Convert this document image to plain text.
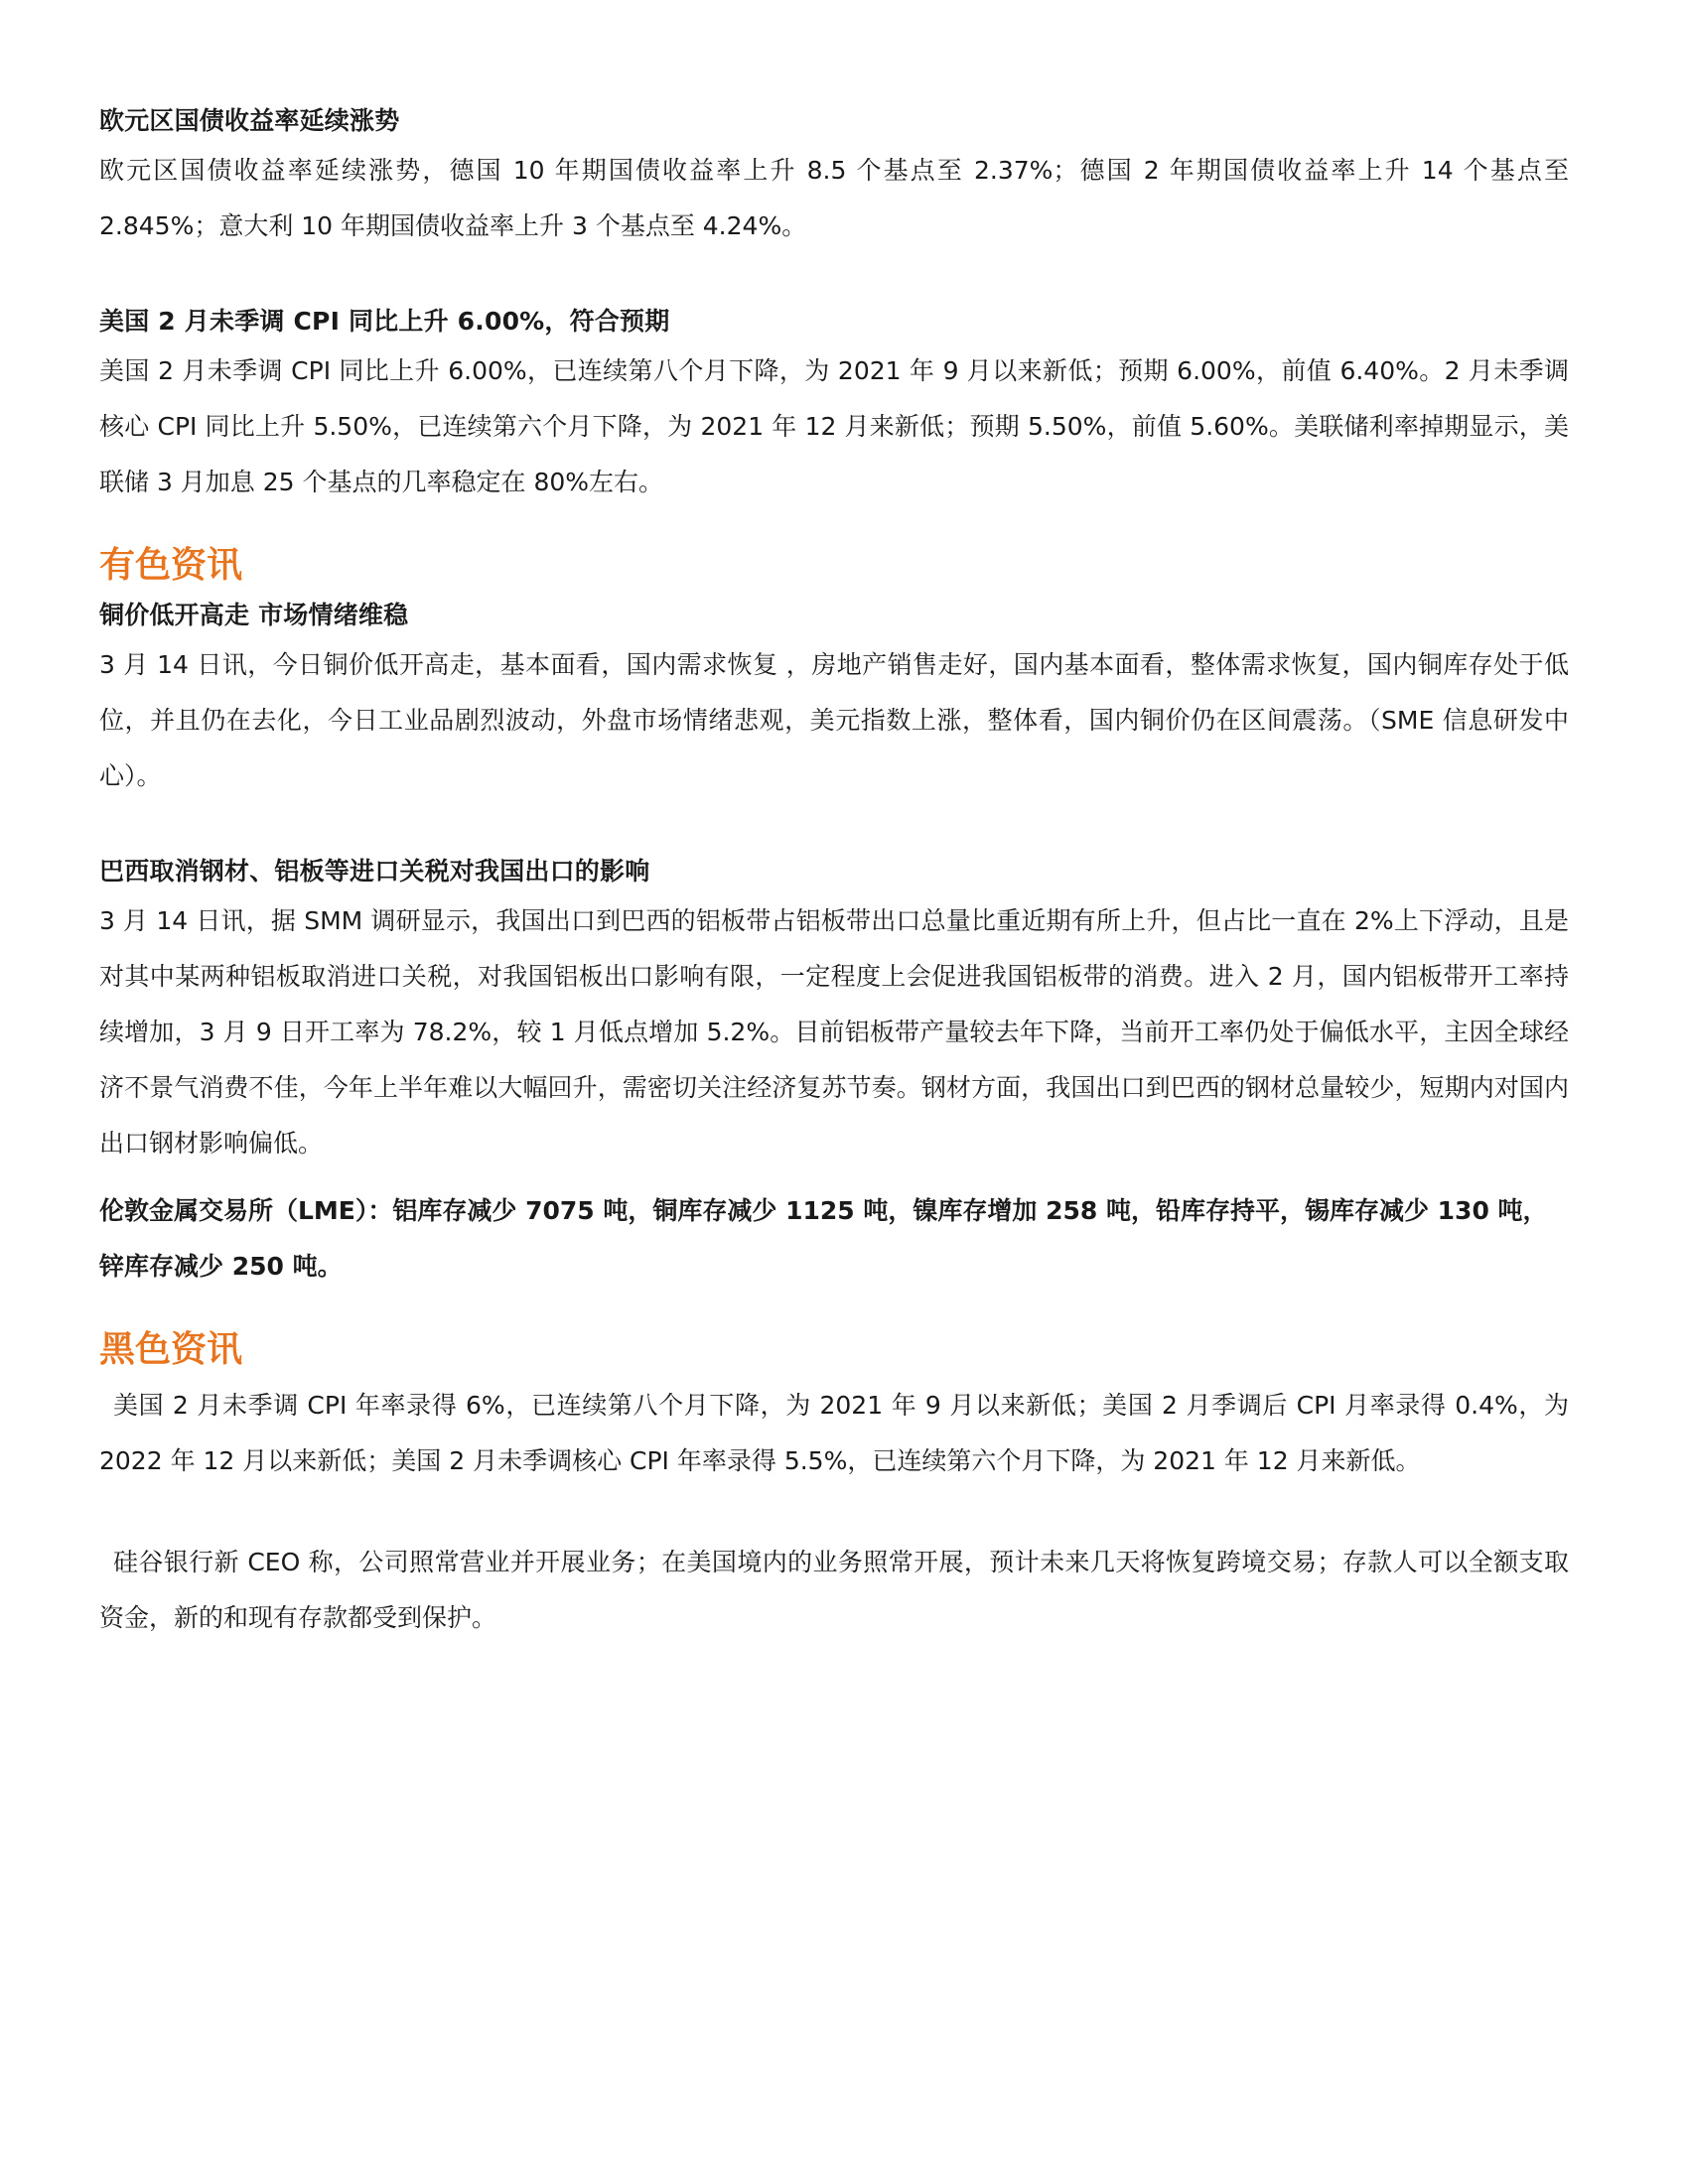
欧元区国债收益率延续涨势

欧元区国债收益率延续涨势，德国 10 年期国债收益率上升 8.5 个基点至 2.37%；德国 2 年期国债收益率上升 14 个基点至 2.845%；意大利 10 年期国债收益率上升 3 个基点至 4.24%。

美国 2 月未季调 CPI 同比上升 6.00%，符合预期

美国 2 月未季调 CPI 同比上升 6.00%，已连续第八个月下降，为 2021 年 9 月以来新低；预期 6.00%，前值 6.40%。2 月未季调核心 CPI 同比上升 5.50%，已连续第六个月下降，为 2021 年 12 月来新低；预期 5.50%，前值 5.60%。美联储利率掉期显示，美联储 3 月加息 25 个基点的几率稳定在 80%左右。

有色资讯
铜价低开高走 市场情绪维稳

3 月 14 日讯，今日铜价低开高走，基本面看，国内需求恢复 ，房地产销售走好，国内基本面看，整体需求恢复，国内铜库存处于低位，并且仍在去化，今日工业品剧烈波动，外盘市场情绪悲观，美元指数上涨，整体看，国内铜价仍在区间震荡。（SME 信息研发中心）。

巴西取消钢材、铝板等进口关税对我国出口的影响

3 月 14 日讯，据 SMM 调研显示，我国出口到巴西的铝板带占铝板带出口总量比重近期有所上升，但占比一直在 2%上下浮动，且是对其中某两种铝板取消进口关税，对我国铝板出口影响有限，一定程度上会促进我国铝板带的消费。进入 2 月，国内铝板带开工率持续增加，3 月 9 日开工率为 78.2%，较 1 月低点增加 5.2%。目前铝板带产量较去年下降，当前开工率仍处于偏低水平，主因全球经济不景气消费不佳，今年上半年难以大幅回升，需密切关注经济复苏节奏。钢材方面，我国出口到巴西的钢材总量较少，短期内对国内出口钢材影响偏低。

伦敦金属交易所（LME）：铝库存减少 7075 吨，铜库存减少 1125 吨，镍库存增加 258 吨，铅库存持平，锡库存减少 130 吨，锌库存减少 250 吨。

黑色资讯

美国 2 月未季调 CPI 年率录得 6%，已连续第八个月下降，为 2021 年 9 月以来新低；美国 2 月季调后 CPI 月率录得 0.4%，为 2022 年 12 月以来新低；美国 2 月未季调核心 CPI 年率录得 5.5%，已连续第六个月下降，为 2021 年 12 月来新低。

硅谷银行新 CEO 称，公司照常营业并开展业务；在美国境内的业务照常开展，预计未来几天将恢复跨境交易；存款人可以全额支取资金，新的和现有存款都受到保护。
